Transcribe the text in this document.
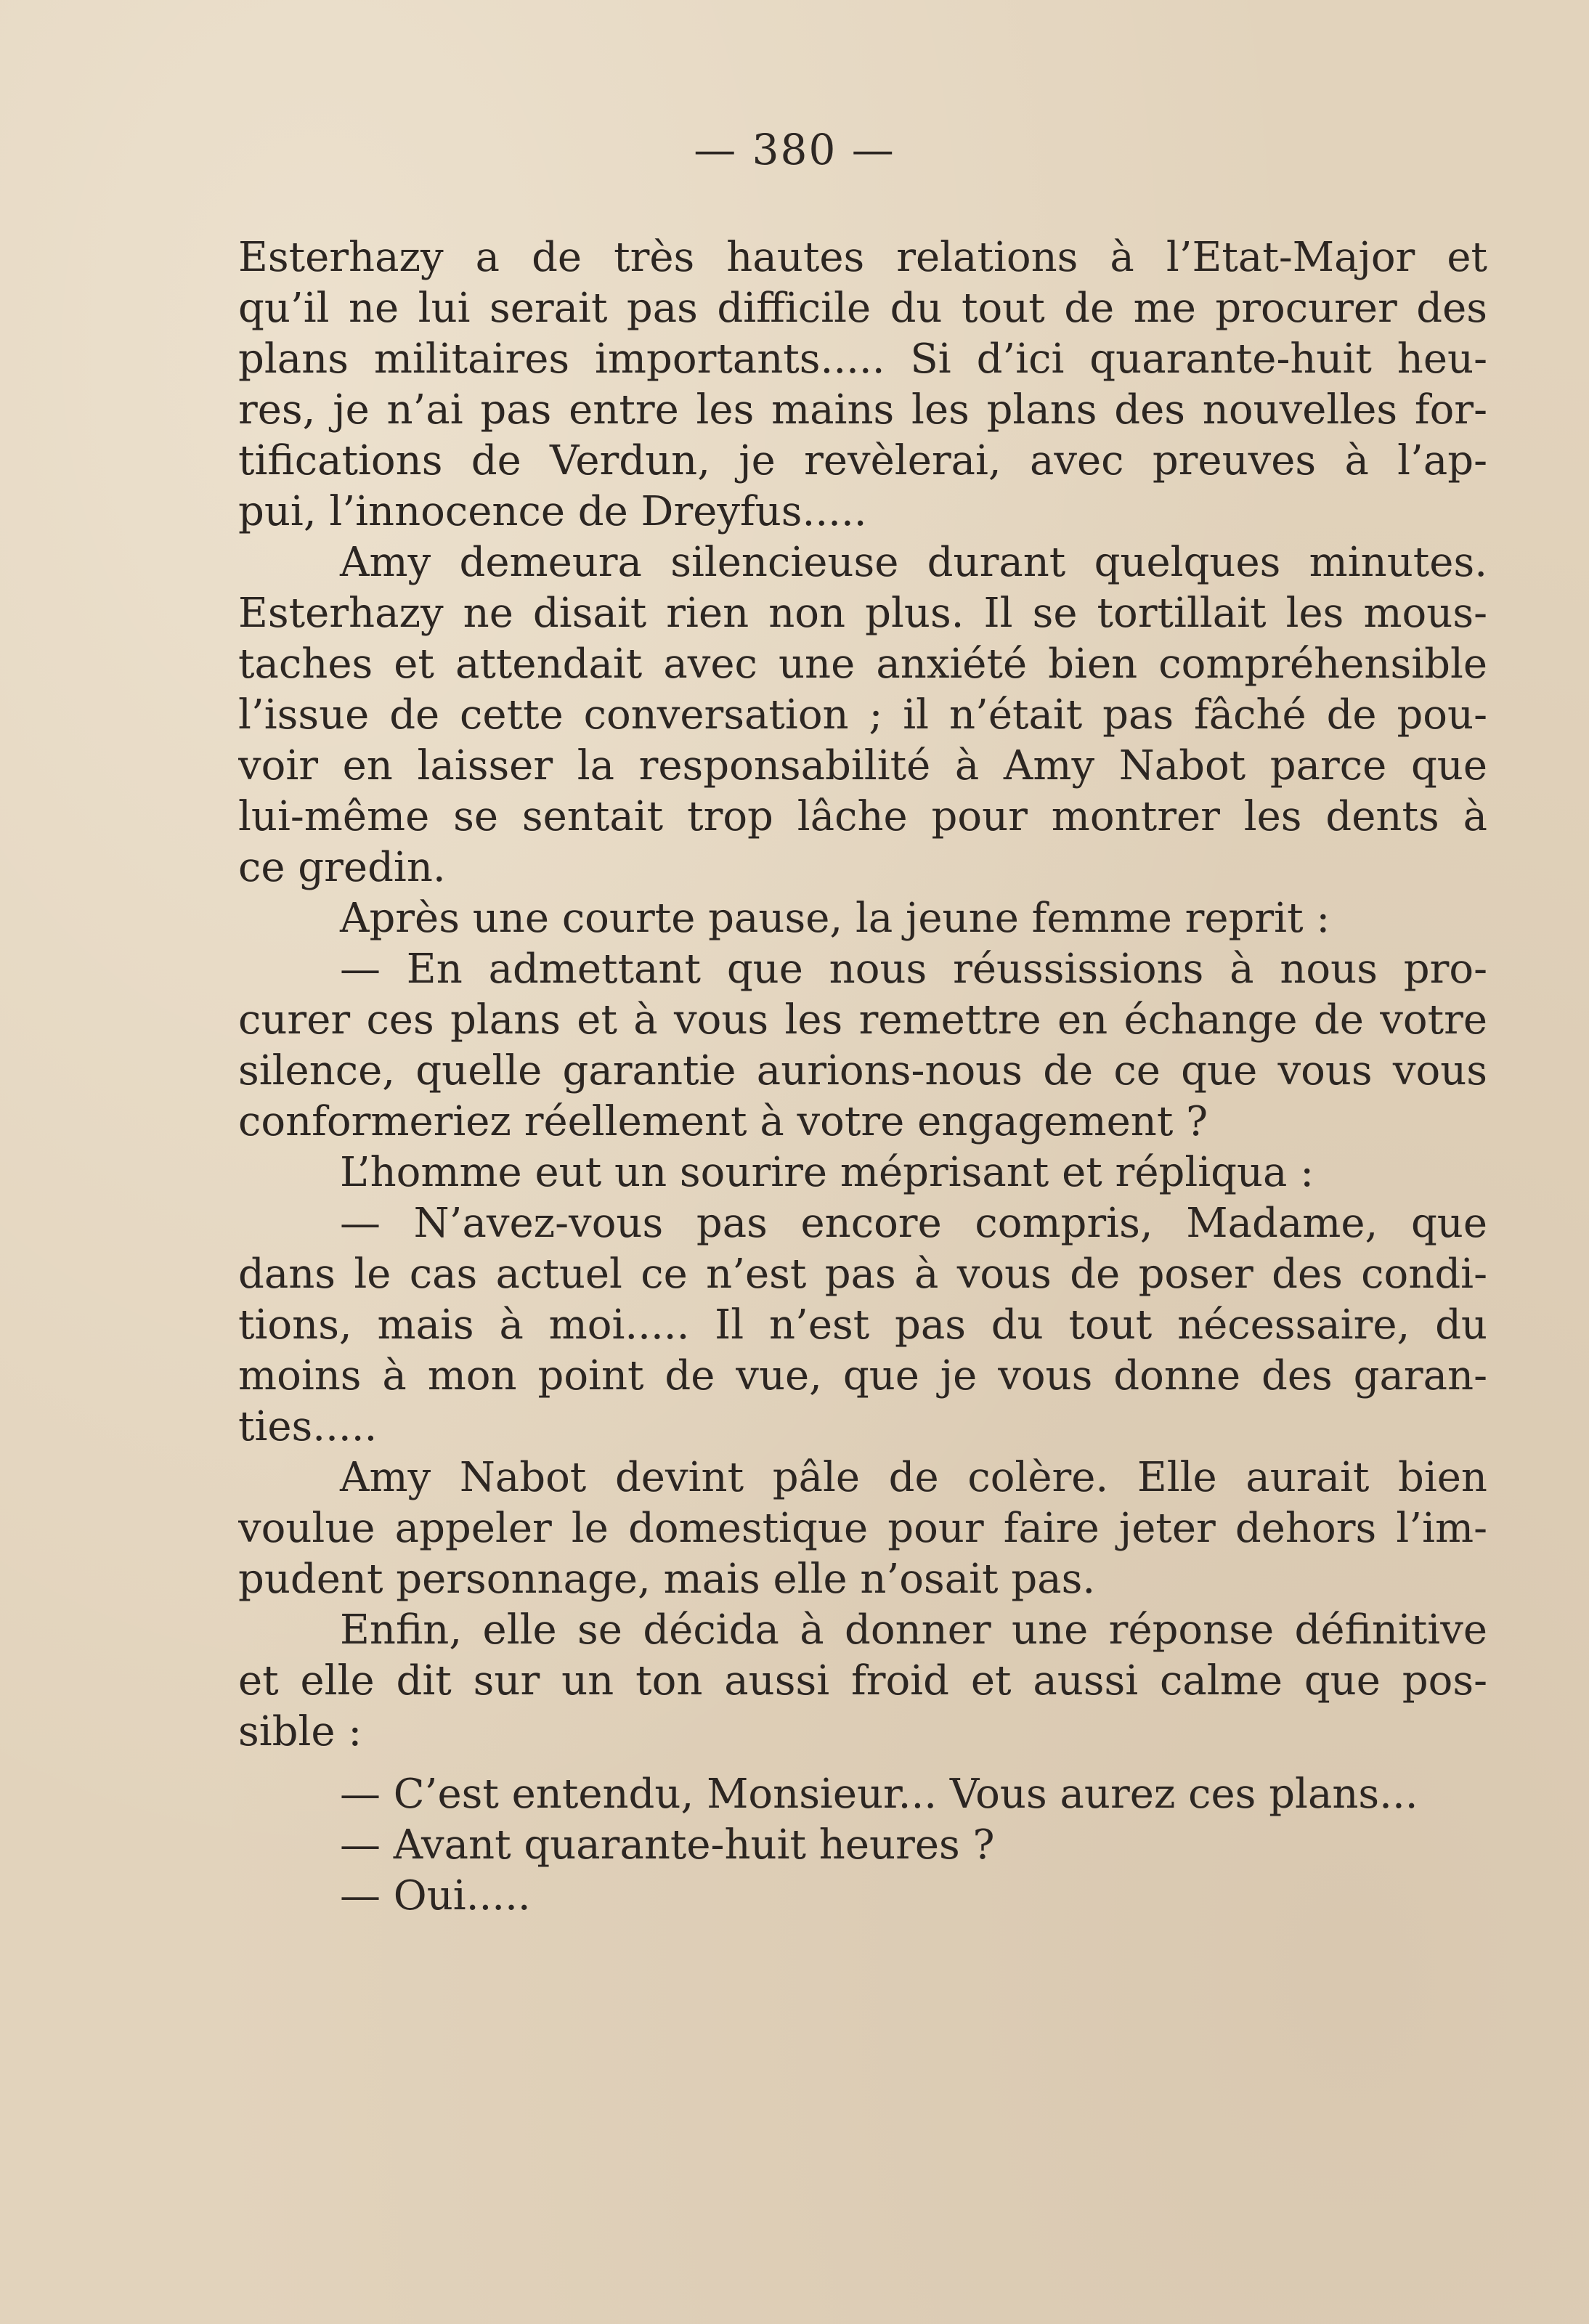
— 380 —
Esterhazy a de très hautes relations à l’Etat-Major et
qu’il ne lui serait pas difficile du tout de me procurer des
plans militaires importants..... Si d’ici quarante-huit heu-
res, je n’ai pas entre les mains les plans des nouvelles for-
tifications de Verdun, je revèlerai, avec preuves à l’ap-
pui, l’innocence de Dreyfus.....
Amy demeura silencieuse durant quelques minutes.
Esterhazy ne disait rien non plus. Il se tortillait les mous-
taches et attendait avec une anxiété bien compréhensible
l’issue de cette conversation ; il n’était pas fâché de pou-
voir en laisser la responsabilité à Amy Nabot parce que
lui-même se sentait trop lâche pour montrer les dents à
ce gredin.
Après une courte pause, la jeune femme reprit :
— En admettant que nous réussissions à nous pro-
curer ces plans et à vous les remettre en échange de votre
silence, quelle garantie aurions-nous de ce que vous vous
conformeriez réellement à votre engagement ?
L’homme eut un sourire méprisant et répliqua :
— N’avez-vous pas encore compris, Madame, que
dans le cas actuel ce n’est pas à vous de poser des condi-
tions, mais à moi..... Il n’est pas du tout nécessaire, du
moins à mon point de vue, que je vous donne des garan-
ties.....
Amy Nabot devint pâle de colère. Elle aurait bien
voulue appeler le domestique pour faire jeter dehors l’im-
pudent personnage, mais elle n’osait pas.
Enfin, elle se décida à donner une réponse définitive
et elle dit sur un ton aussi froid et aussi calme que pos-
sible :
— C’est entendu, Monsieur... Vous aurez ces plans...
— Avant quarante-huit heures ?
— Oui.....
